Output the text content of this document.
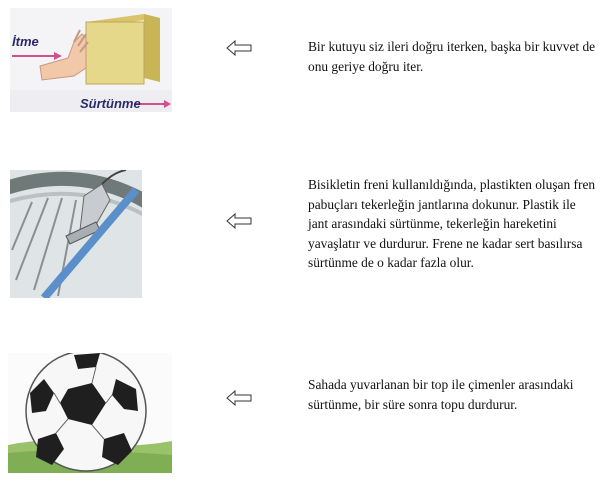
İtme
Sürtünme

Bir kutuyu siz ileri doğru iterken, başka bir kuvvet de onu geriye doğru iter.

Bisikletin freni kullanıldığında, plastikten oluşan fren pabuçları tekerleğin jantlarına dokunur. Plastik ile jant arasındaki sürtünme, tekerleğin hareketini yavaşlatır ve durdurur. Frene ne kadar sert basılırsa sürtünme de o kadar fazla olur.

Sahada yuvarlanan bir top ile çimenler arasındaki sürtünme, bir süre sonra topu durdurur.
